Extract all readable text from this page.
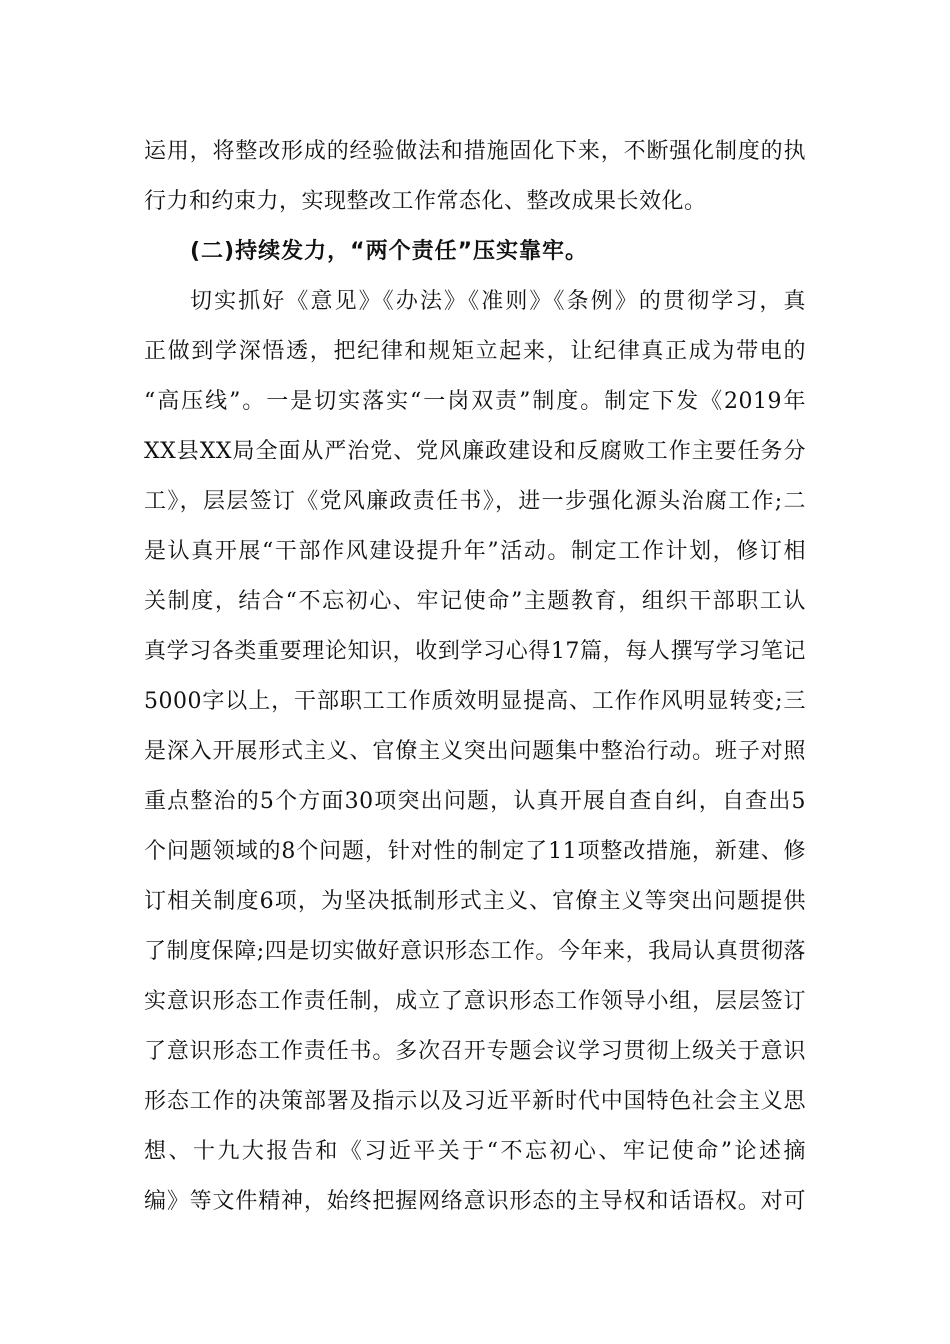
运用，将整改形成的经验做法和措施固化下来，不断强化制度的执
行力和约束力，实现整改工作常态化、整改成果长效化。
(二)持续发力，“两个责任”压实靠牢。
切实抓好《意见》《办法》《准则》《条例》的贯彻学习，真
正做到学深悟透，把纪律和规矩立起来，让纪律真正成为带电的
“高压线”。一是切实落实“一岗双责”制度。制定下发《2019年
XX县XX局全面从严治党、党风廉政建设和反腐败工作主要任务分
工》，层层签订《党风廉政责任书》，进一步强化源头治腐工作;二
是认真开展“干部作风建设提升年”活动。制定工作计划，修订相
关制度，结合“不忘初心、牢记使命”主题教育，组织干部职工认
真学习各类重要理论知识，收到学习心得17篇，每人撰写学习笔记
5000字以上，干部职工工作质效明显提高、工作作风明显转变;三
是深入开展形式主义、官僚主义突出问题集中整治行动。班子对照
重点整治的5个方面30项突出问题，认真开展自查自纠，自查出5
个问题领域的8个问题，针对性的制定了11项整改措施，新建、修
订相关制度6项，为坚决抵制形式主义、官僚主义等突出问题提供
了制度保障;四是切实做好意识形态工作。今年来，我局认真贯彻落
实意识形态工作责任制，成立了意识形态工作领导小组，层层签订
了意识形态工作责任书。多次召开专题会议学习贯彻上级关于意识
形态工作的决策部署及指示以及习近平新时代中国特色社会主义思
想、十九大报告和《习近平关于“不忘初心、牢记使命”论述摘
编》等文件精神，始终把握网络意识形态的主导权和话语权。对可
